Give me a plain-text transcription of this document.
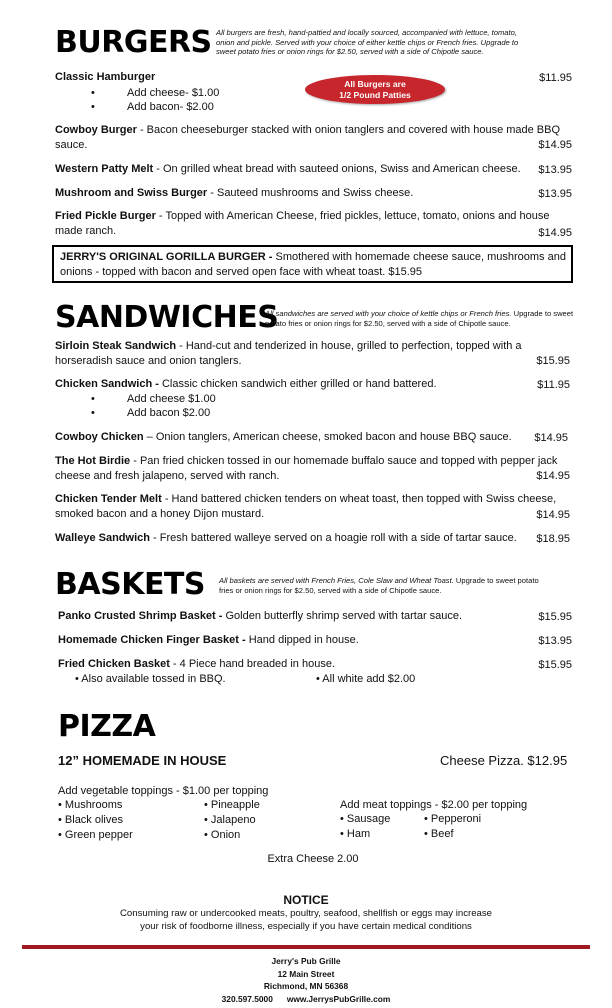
BURGERS All burgers are fresh, hand-pattied and locally sourced, accompanied with lettuce, tomato, onion and pickle. Served with your choice of either kettle chips or French fries. Upgrade to sweet potato fries or onion rings for $2.50, served with a side of Chipotle sauce.
Classic Hamburger	$11.95
• Add cheese- $1.00
• Add bacon- $2.00
All Burgers are
1/2 Pound Patties
Cowboy Burger - Bacon cheeseburger stacked with onion tanglers and covered with house made BBQ
sauce.	$14.95
Western Patty Melt - On grilled wheat bread with sauteed onions, Swiss and American cheese.	$13.95
Mushroom and Swiss Burger - Sauteed mushrooms and Swiss cheese.	$13.95
Fried Pickle Burger - Topped with American Cheese, fried pickles, lettuce, tomato, onions and house
made ranch.	$14.95
JERRY'S ORIGINAL GORILLA BURGER - Smothered with homemade cheese sauce, mushrooms and
onions - topped with bacon and served open face with wheat toast. $15.95
SANDWICHES
All sandwiches are served with your choice of kettle chips or French fries. Upgrade to sweet potato fries or onion rings for $2.50, served with a side of Chipotle sauce.
Sirloin Steak Sandwich - Hand-cut and tenderized in house, grilled to perfection, topped with a
horseradish sauce and onion tanglers.	$15.95
Chicken Sandwich - Classic chicken sandwich either grilled or hand battered.	$11.95
• Add cheese $1.00
• Add bacon $2.00
Cowboy Chicken – Onion tanglers, American cheese, smoked bacon and house BBQ sauce.	$14.95
The Hot Birdie - Pan fried chicken tossed in our homemade buffalo sauce and topped with pepper jack
cheese and fresh jalapeno, served with ranch.	$14.95
Chicken Tender Melt - Hand battered chicken tenders on wheat toast, then topped with Swiss cheese,
smoked bacon and a honey Dijon mustard.	$14.95
Walleye Sandwich - Fresh battered walleye served on a hoagie roll with a side of tartar sauce.	$18.95
BASKETS All baskets are served with French Fries, Cole Slaw and Wheat Toast. Upgrade to sweet potato fries or onion rings for $2.50, served with a side of Chipotle sauce.
Panko Crusted Shrimp Basket - Golden butterfly shrimp served with tartar sauce.	$15.95
Homemade Chicken Finger Basket - Hand dipped in house.	$13.95
Fried Chicken Basket - 4 Piece hand breaded in house.	$15.95
• Also available tossed in BBQ.	• All white add $2.00
PIZZA
12” HOMEMADE IN HOUSE	Cheese Pizza. $12.95
Add vegetable toppings - $1.00 per topping
• Mushrooms
• Black olives
• Green pepper
• Pineapple
• Jalapeno
• Onion
Add meat toppings - $2.00 per topping
• Sausage
• Ham
• Pepperoni
• Beef
Extra Cheese 2.00
NOTICE
Consuming raw or undercooked meats, poultry, seafood, shellfish or eggs may increase
your risk of foodborne illness, especially if you have certain medical conditions
Jerry's Pub Grille
12 Main Street
Richmond, MN 56368
320.597.5000 www.JerrysPubGrille.com
